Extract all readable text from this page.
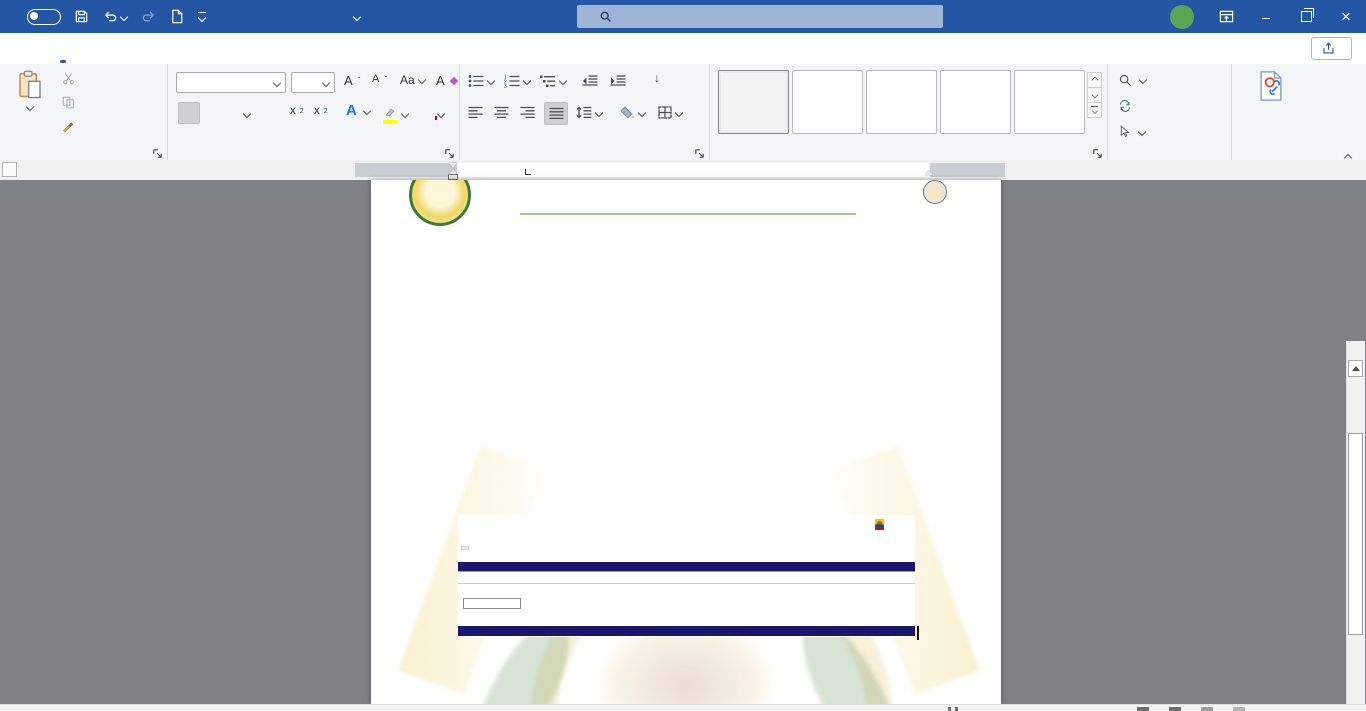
–	×
A ˆ A ˇ Aa	A
x 2 x 2 A

1
2
3
↓
